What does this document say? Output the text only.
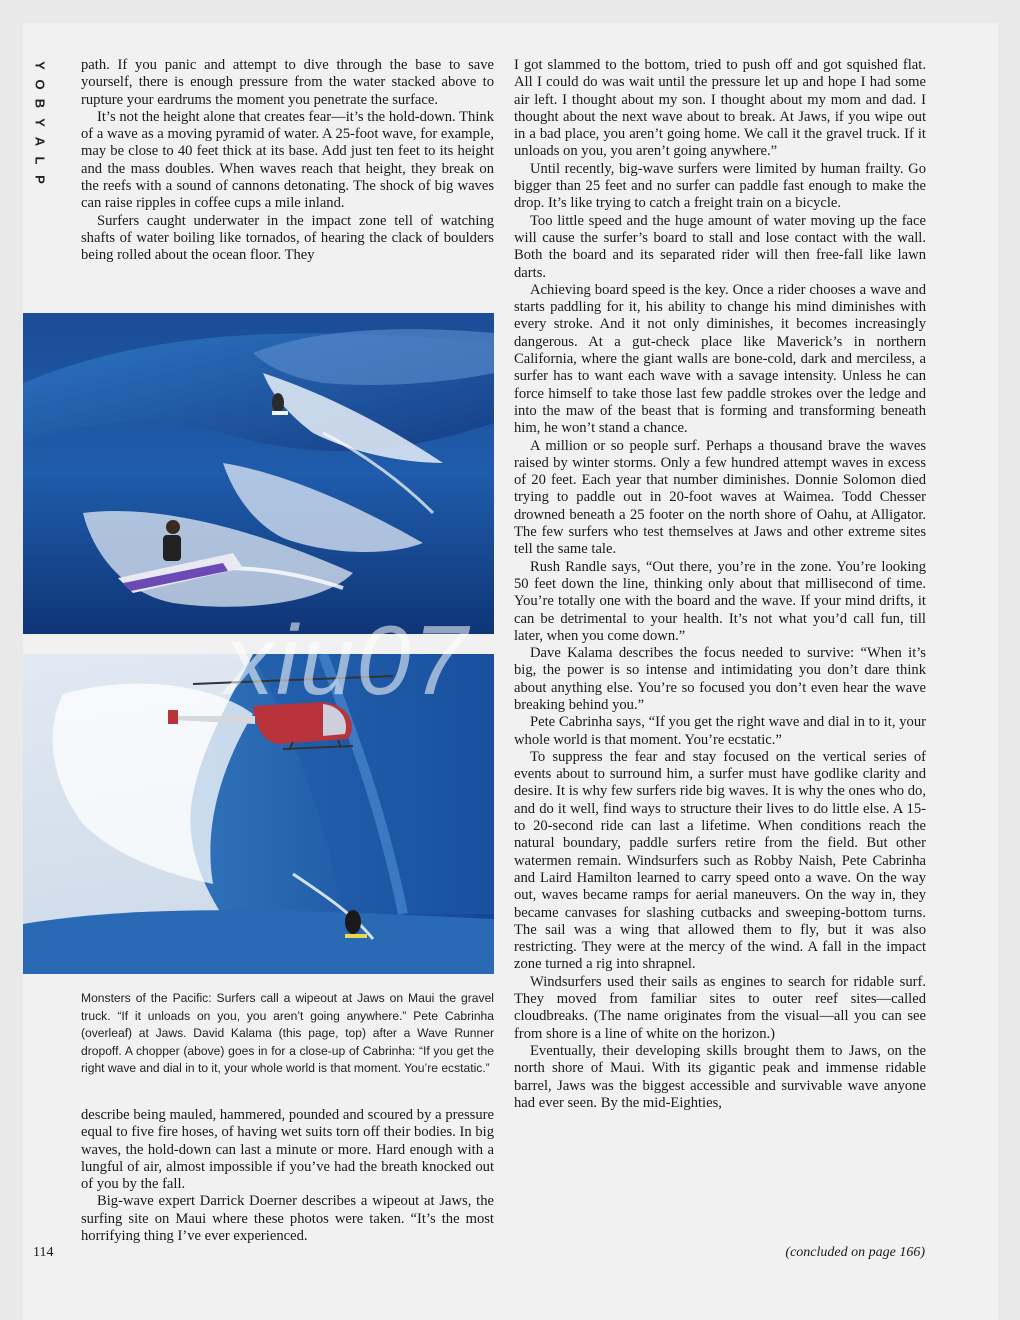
Y
O
B
Y
A
L
P

path. If you panic and attempt to dive through the base to save yourself, there is enough pressure from the water stacked above to rupture your eardrums the moment you penetrate the surface.

It’s not the height alone that creates fear—it’s the hold-down. Think of a wave as a moving pyramid of water. A 25-foot wave, for example, may be close to 40 feet thick at its base. Add just ten feet to its height and the mass doubles. When waves reach that height, they break on the reefs with a sound of cannons detonating. The shock of big waves can raise ripples in coffee cups a mile inland.

Surfers caught underwater in the impact zone tell of watching shafts of water boiling like tornados, of hearing the clack of boulders being rolled about the ocean floor. They

Monsters of the Pacific: Surfers call a wipeout at Jaws on Maui the gravel truck. “If it unloads on you, you aren’t going anywhere.” Pete Cabrinha (overleaf) at Jaws. David Kalama (this page, top) after a Wave Runner dropoff. A chopper (above) goes in for a close-up of Cabrinha: “If you get the right wave and dial in to it, your whole world is that moment. You’re ecstatic.”

describe being mauled, hammered, pounded and scoured by a pressure equal to five fire hoses, of having wet suits torn off their bodies. In big waves, the hold-down can last a minute or more. Hard enough with a lungful of air, almost impossible if you’ve had the breath knocked out of you by the fall.

Big-wave expert Darrick Doerner describes a wipeout at Jaws, the surfing site on Maui where these photos were taken. “It’s the most horrifying thing I’ve ever experienced.

I got slammed to the bottom, tried to push off and got squished flat. All I could do was wait until the pressure let up and hope I had some air left. I thought about my son. I thought about my mom and dad. I thought about the next wave about to break. At Jaws, if you wipe out in a bad place, you aren’t going home. We call it the gravel truck. If it unloads on you, you aren’t going anywhere.”

Until recently, big-wave surfers were limited by human frailty. Go bigger than 25 feet and no surfer can paddle fast enough to make the drop. It’s like trying to catch a freight train on a bicycle.

Too little speed and the huge amount of water moving up the face will cause the surfer’s board to stall and lose contact with the wall. Both the board and its separated rider will then free-fall like lawn darts.

Achieving board speed is the key. Once a rider chooses a wave and starts paddling for it, his ability to change his mind diminishes with every stroke. And it not only diminishes, it becomes increasingly dangerous. At a gut-check place like Maverick’s in northern California, where the giant walls are bone-cold, dark and merciless, a surfer has to want each wave with a savage intensity. Unless he can force himself to take those last few paddle strokes over the ledge and into the maw of the beast that is forming and transforming beneath him, he won’t stand a chance.

A million or so people surf. Perhaps a thousand brave the waves raised by winter storms. Only a few hundred attempt waves in excess of 20 feet. Each year that number diminishes. Donnie Solomon died trying to paddle out in 20-foot waves at Waimea. Todd Chesser drowned beneath a 25 footer on the north shore of Oahu, at Alligator. The few surfers who test themselves at Jaws and other extreme sites tell the same tale.

Rush Randle says, “Out there, you’re in the zone. You’re looking 50 feet down the line, thinking only about that millisecond of time. You’re totally one with the board and the wave. If your mind drifts, it can be detrimental to your health. It’s not what you’d call fun, till later, when you come down.”

Dave Kalama describes the focus needed to survive: “When it’s big, the power is so intense and intimidating you don’t dare think about anything else. You’re so focused you don’t even hear the wave breaking behind you.”

Pete Cabrinha says, “If you get the right wave and dial in to it, your whole world is that moment. You’re ecstatic.”

To suppress the fear and stay focused on the vertical series of events about to surround him, a surfer must have godlike clarity and desire. It is why few surfers ride big waves. It is why the ones who do, and do it well, find ways to structure their lives to do little else. A 15- to 20-second ride can last a lifetime. When conditions reach the natural boundary, paddle surfers retire from the field. But other watermen remain. Windsurfers such as Robby Naish, Pete Cabrinha and Laird Hamilton learned to carry speed onto a wave. On the way out, waves became ramps for aerial maneuvers. On the way in, they became canvases for slashing cutbacks and sweeping-bottom turns. The sail was a wing that allowed them to fly, but it was also restricting. They were at the mercy of the wind. A fall in the impact zone turned a rig into shrapnel.

Windsurfers used their sails as engines to search for ridable surf. They moved from familiar sites to outer reef sites—called cloudbreaks. (The name originates from the visual—all you can see from shore is a line of white on the horizon.)

Eventually, their developing skills brought them to Jaws, on the north shore of Maui. With its gigantic peak and immense ridable barrel, Jaws was the biggest accessible and survivable wave anyone had ever seen. By the mid-Eighties,

114	(concluded on page 166)
xiu07
